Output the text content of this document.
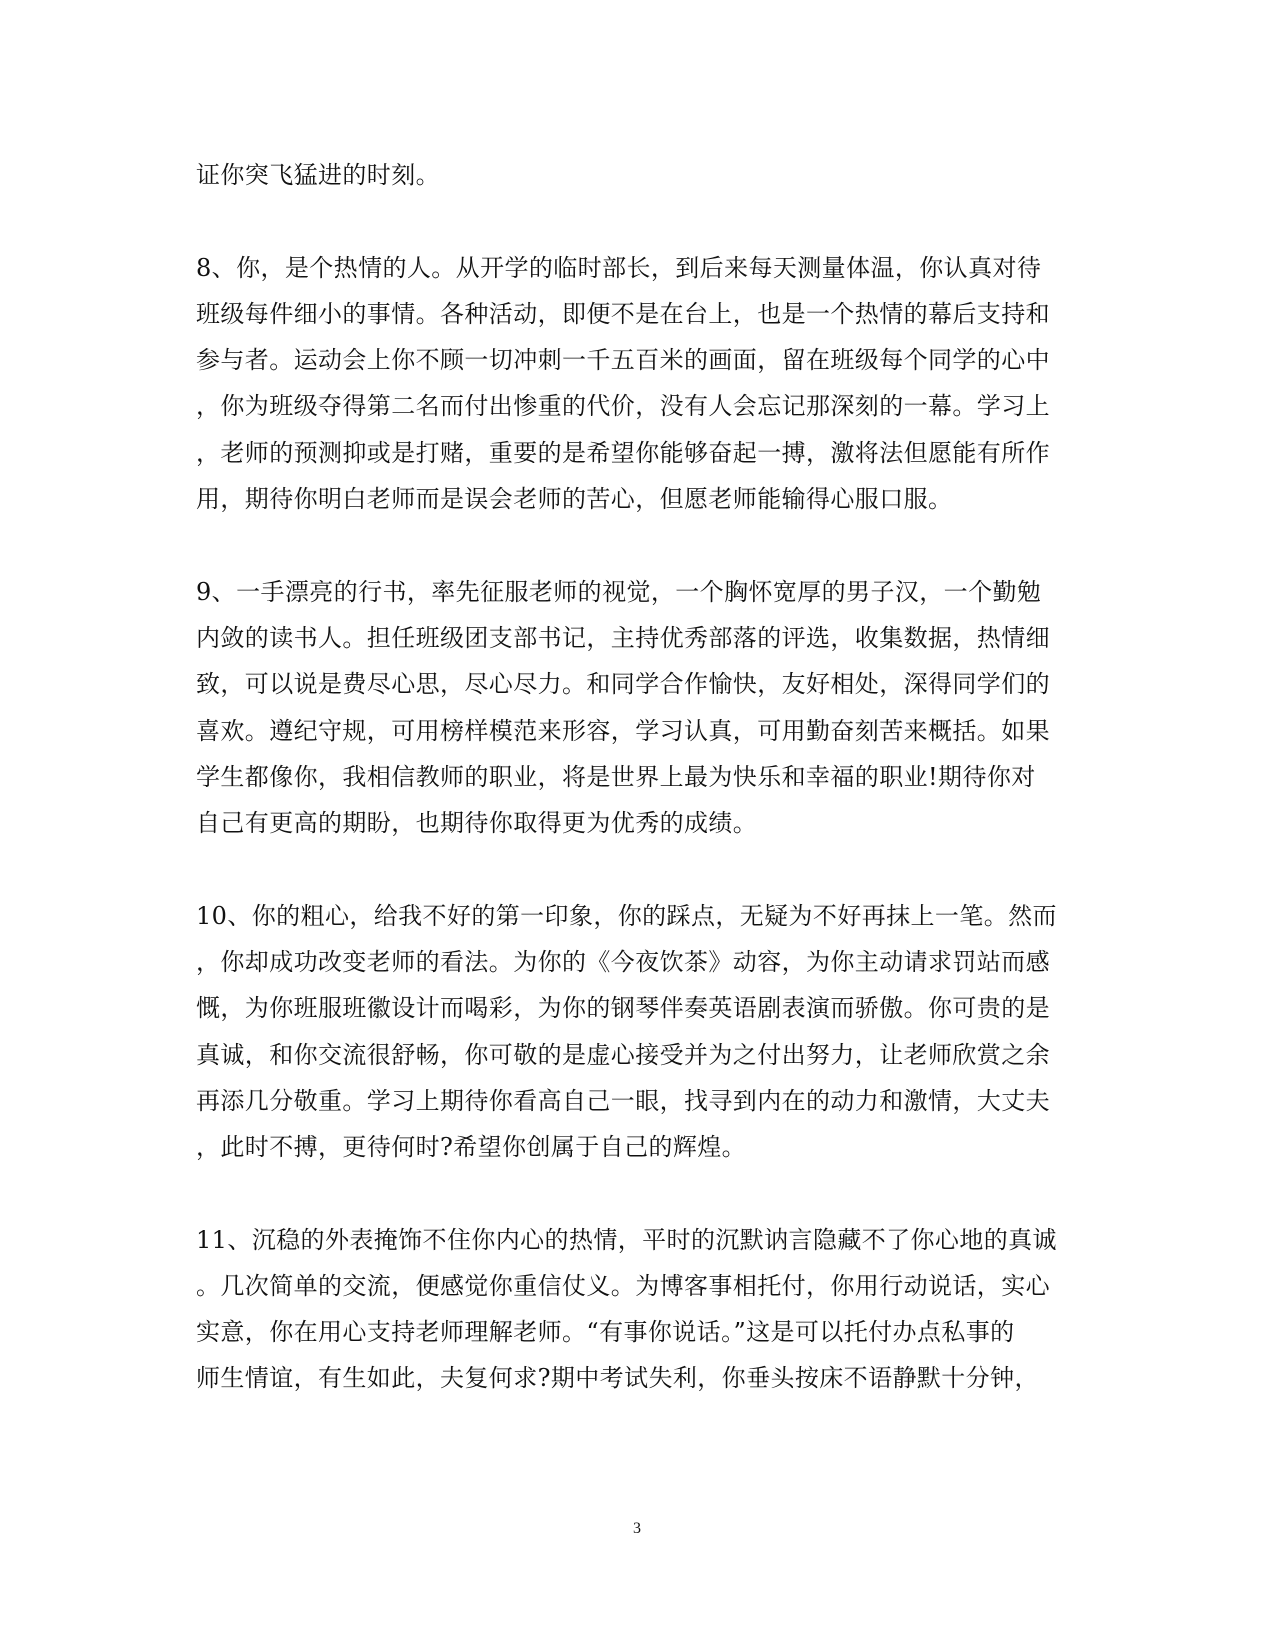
证你突飞猛进的时刻。
8、你，是个热情的人。从开学的临时部长，到后来每天测量体温，你认真对待
班级每件细小的事情。各种活动，即便不是在台上，也是一个热情的幕后支持和
参与者。运动会上你不顾一切冲刺一千五百米的画面，留在班级每个同学的心中
，你为班级夺得第二名而付出惨重的代价，没有人会忘记那深刻的一幕。学习上
，老师的预测抑或是打赌，重要的是希望你能够奋起一搏，激将法但愿能有所作
用，期待你明白老师而是误会老师的苦心，但愿老师能输得心服口服。
9、一手漂亮的行书，率先征服老师的视觉，一个胸怀宽厚的男子汉，一个勤勉
内敛的读书人。担任班级团支部书记，主持优秀部落的评选，收集数据，热情细
致，可以说是费尽心思，尽心尽力。和同学合作愉快，友好相处，深得同学们的
喜欢。遵纪守规，可用榜样模范来形容，学习认真，可用勤奋刻苦来概括。如果
学生都像你，我相信教师的职业，将是世界上最为快乐和幸福的职业!期待你对
自己有更高的期盼，也期待你取得更为优秀的成绩。
10、你的粗心，给我不好的第一印象，你的踩点，无疑为不好再抹上一笔。然而
，你却成功改变老师的看法。为你的《今夜饮茶》动容，为你主动请求罚站而感
慨，为你班服班徽设计而喝彩，为你的钢琴伴奏英语剧表演而骄傲。你可贵的是
真诚，和你交流很舒畅，你可敬的是虚心接受并为之付出努力，让老师欣赏之余
再添几分敬重。学习上期待你看高自己一眼，找寻到内在的动力和激情，大丈夫
，此时不搏，更待何时?希望你创属于自己的辉煌。
11、沉稳的外表掩饰不住你内心的热情，平时的沉默讷言隐藏不了你心地的真诚
。几次简单的交流，便感觉你重信仗义。为博客事相托付，你用行动说话，实心
实意，你在用心支持老师理解老师。“有事你说话。”这是可以托付办点私事的
师生情谊，有生如此，夫复何求?期中考试失利，你垂头按床不语静默十分钟，
3
